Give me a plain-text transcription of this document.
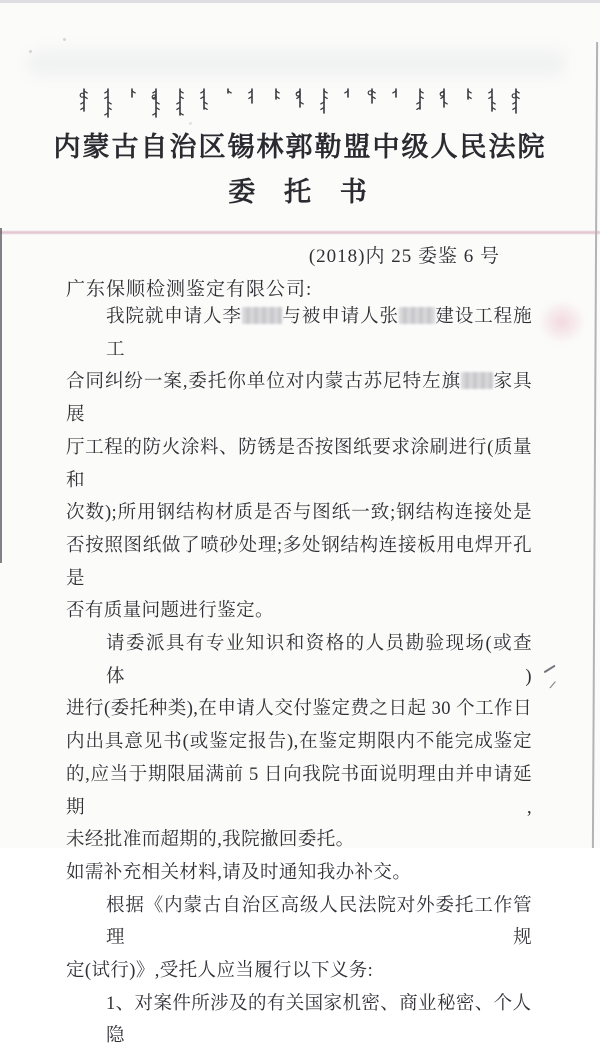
内蒙古自治区锡林郭勒盟中级人民法院
委 托 书
(2018)内 25 委鉴 6 号
广东保顺检测鉴定有限公司:
我院就申请人李 与被申请人张 建设工程施工
合同纠纷一案,委托你单位对内蒙古苏尼特左旗 家具展
厅工程的防火涂料、防锈是否按图纸要求涂刷进行(质量和
次数);所用钢结构材质是否与图纸一致;钢结构连接处是
否按照图纸做了喷砂处理;多处钢结构连接板用电焊开孔是
否有质量问题进行鉴定。
请委派具有专业知识和资格的人员勘验现场(或查体)
进行(委托种类),在申请人交付鉴定费之日起 30 个工作日
内出具意见书(或鉴定报告),在鉴定期限内不能完成鉴定
的,应当于期限届满前 5 日向我院书面说明理由并申请延期,
未经批准而超期的,我院撤回委托。
如需补充相关材料,请及时通知我办补交。
根据《内蒙古自治区高级人民法院对外委托工作管理规
定(试行)》,受托人应当履行以下义务:
1、对案件所涉及的有关国家机密、商业秘密、个人隐
